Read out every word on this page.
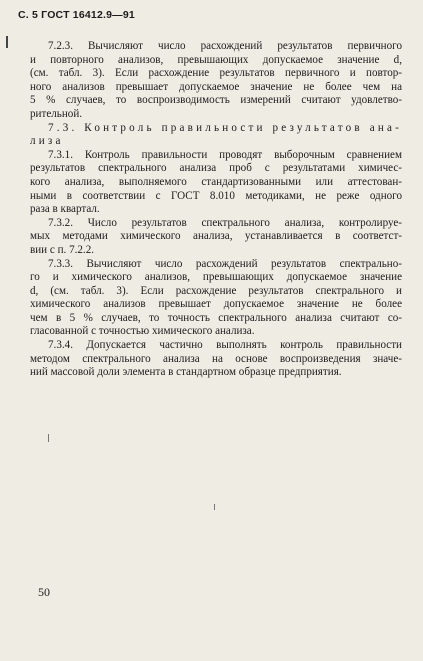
С. 5 ГОСТ 16412.9—91
7.2.3. Вычисляют число расхождений результатов первичного
и повторного анализов, превышающих допускаемое значение d,
(см. табл. 3). Если расхождение результатов первичного и повтор-
ного анализов превышает допускаемое значение не более чем на
5 % случаев, то воспроизводимость измерений считают удовлетво-
рительной.
7.3. Контроль правильности результатов ана-
лиза
7.3.1. Контроль правильности проводят выборочным сравнением
результатов спектрального анализа проб с результатами химичес-
кого анализа, выполняемого стандартизованными или аттестован-
ными в соответствии с ГОСТ 8.010 методиками, не реже одного
раза в квартал.
7.3.2. Число результатов спектрального анализа, контролируе-
мых методами химического анализа, устанавливается в соответст-
вии с п. 7.2.2.
7.3.3. Вычисляют число расхождений результатов спектрально-
го и химического анализов, превышающих допускаемое значение
d, (см. табл. 3). Если расхождение результатов спектрального и
химического анализов превышает допускаемое значение не более
чем в 5 % случаев, то точность спектрального анализа считают со-
гласованной с точностью химического анализа.
7.3.4. Допускается частично выполнять контроль правильности
методом спектрального анализа на основе воспроизведения значе-
ний массовой доли элемента в стандартном образце предприятия.
50
